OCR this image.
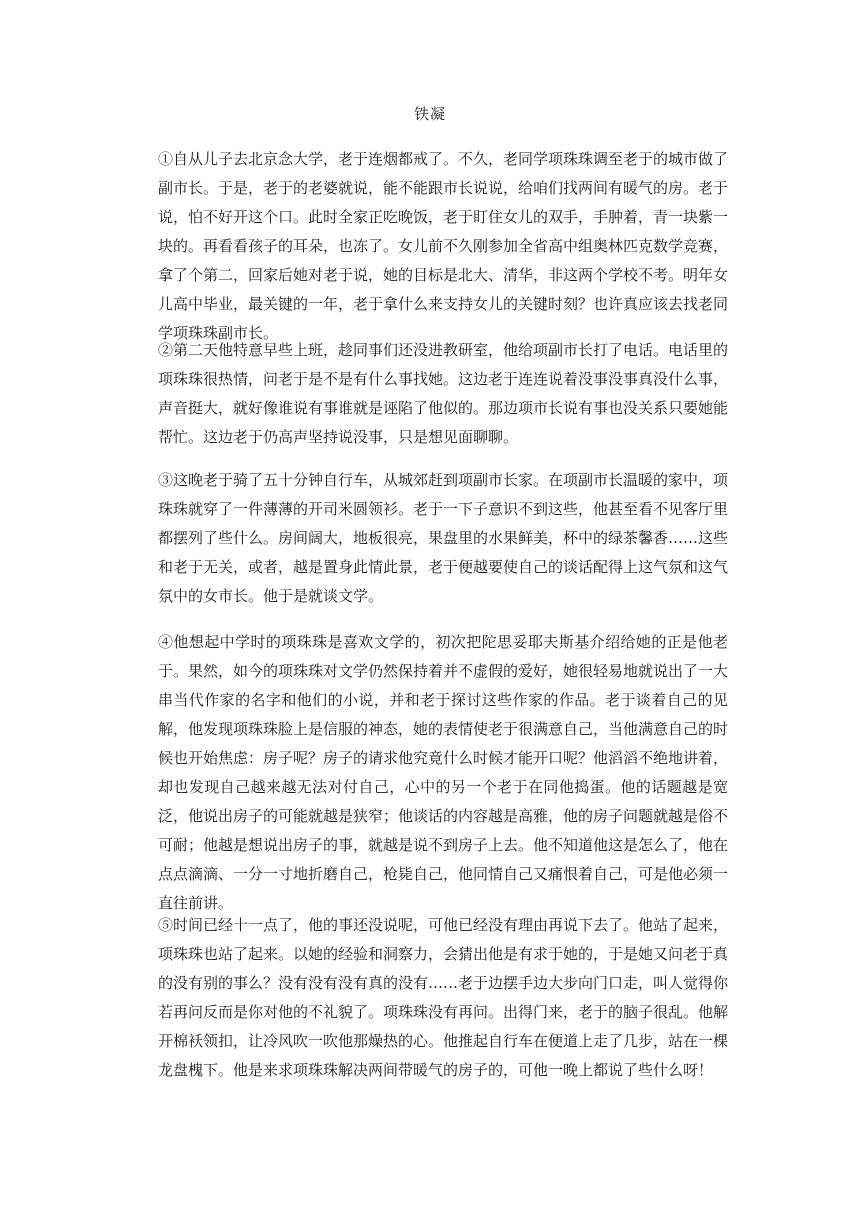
铁凝

①自从儿子去北京念大学，老于连烟都戒了。不久，老同学项珠珠调至老于的城市做了副市长。于是，老于的老婆就说，能不能跟市长说说，给咱们找两间有暖气的房。老于说，怕不好开这个口。此时全家正吃晚饭，老于盯住女儿的双手，手肿着，青一块紫一块的。再看看孩子的耳朵，也冻了。女儿前不久刚参加全省高中组奥林匹克数学竞赛，拿了个第二，回家后她对老于说，她的目标是北大、清华，非这两个学校不考。明年女儿高中毕业，最关键的一年，老于拿什么来支持女儿的关键时刻？也许真应该去找老同学项珠珠副市长。

②第二天他特意早些上班，趁同事们还没进教研室，他给项副市长打了电话。电话里的项珠珠很热情，问老于是不是有什么事找她。这边老于连连说着没事没事真没什么事，声音挺大，就好像谁说有事谁就是诬陷了他似的。那边项市长说有事也没关系只要她能帮忙。这边老于仍高声坚持说没事，只是想见面聊聊。

③这晚老于骑了五十分钟自行车，从城郊赶到项副市长家。在项副市长温暖的家中，项珠珠就穿了一件薄薄的开司米圆领衫。老于一下子意识不到这些，他甚至看不见客厅里都摆列了些什么。房间阔大，地板很亮，果盘里的水果鲜美，杯中的绿茶馨香……这些和老于无关，或者，越是置身此情此景，老于便越要使自己的谈话配得上这气氛和这气氛中的女市长。他于是就谈文学。

④他想起中学时的项珠珠是喜欢文学的，初次把陀思妥耶夫斯基介绍给她的正是他老于。果然，如今的项珠珠对文学仍然保持着并不虚假的爱好，她很轻易地就说出了一大串当代作家的名字和他们的小说，并和老于探讨这些作家的作品。老于谈着自己的见解，他发现项珠珠脸上是信服的神态，她的表情使老于很满意自己，当他满意自己的时候也开始焦虑：房子呢？房子的请求他究竟什么时候才能开口呢？他滔滔不绝地讲着，却也发现自己越来越无法对付自己，心中的另一个老于在同他捣蛋。他的话题越是宽泛，他说出房子的可能就越是狭窄；他谈话的内容越是高雅，他的房子问题就越是俗不可耐；他越是想说出房子的事，就越是说不到房子上去。他不知道他这是怎么了，他在点点滴滴、一分一寸地折磨自己，枪毙自己，他同情自己又痛恨着自己，可是他必须一直往前讲。

⑤时间已经十一点了，他的事还没说呢，可他已经没有理由再说下去了。他站了起来，项珠珠也站了起来。以她的经验和洞察力，会猜出他是有求于她的，于是她又问老于真的没有别的事么？没有没有没有真的没有……老于边摆手边大步向门口走，叫人觉得你若再问反而是你对他的不礼貌了。项珠珠没有再问。出得门来，老于的脑子很乱。他解开棉袄领扣，让冷风吹一吹他那燥热的心。他推起自行车在便道上走了几步，站在一棵龙盘槐下。他是来求项珠珠解决两间带暖气的房子的，可他一晚上都说了些什么呀！
